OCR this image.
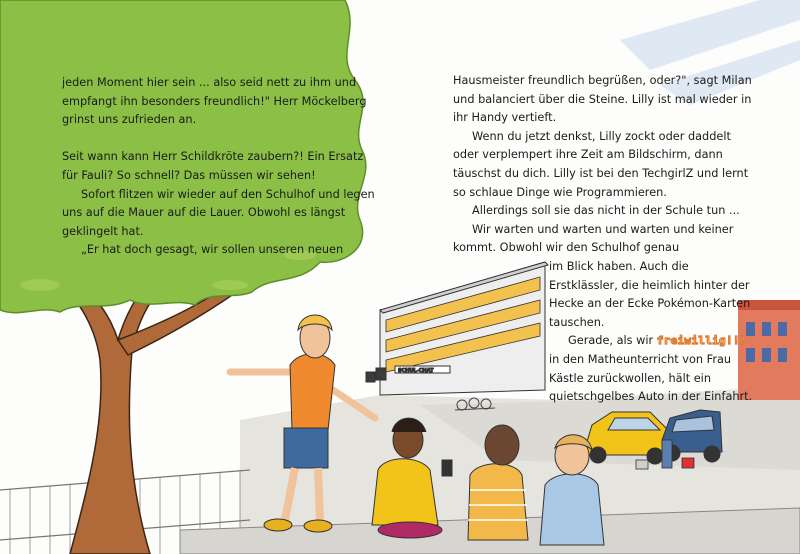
SCHUL-CHAT

jeden Moment hier sein ... also seid nett zu ihm und empfangt ihn besonders freundlich!" Herr Möckelberg grinst uns zufrieden an.

Seit wann kann Herr Schildkröte zaubern?! Ein Ersatz für Fauli? So schnell? Das müssen wir sehen!

Sofort flitzen wir wieder auf den Schulhof und legen uns auf die Mauer auf die Lauer. Obwohl es längst geklingelt hat.

„Er hat doch gesagt, wir sollen unseren neuen

Hausmeister freundlich begrüßen, oder?", sagt Milan und balanciert über die Steine. Lilly ist mal wieder in ihr Handy vertieft.

Wenn du jetzt denkst, Lilly zockt oder daddelt oder verplempert ihre Zeit am Bildschirm, dann täuschst du dich. Lilly ist bei den TechgirlZ und lernt so schlaue Dinge wie Programmieren.

Allerdings soll sie das nicht in der Schule tun ...

Wir warten und warten und warten und keiner kommt. Obwohl wir den Schulhof genau
im Blick haben. Auch die Erstklässler, die heimlich hinter der Hecke an der Ecke Pokémon-Karten tauschen.

Gerade, als wir freiwillig!!! in den Matheunterricht von Frau Kästle zurückwollen, hält ein quietschgelbes Auto in der Einfahrt.
